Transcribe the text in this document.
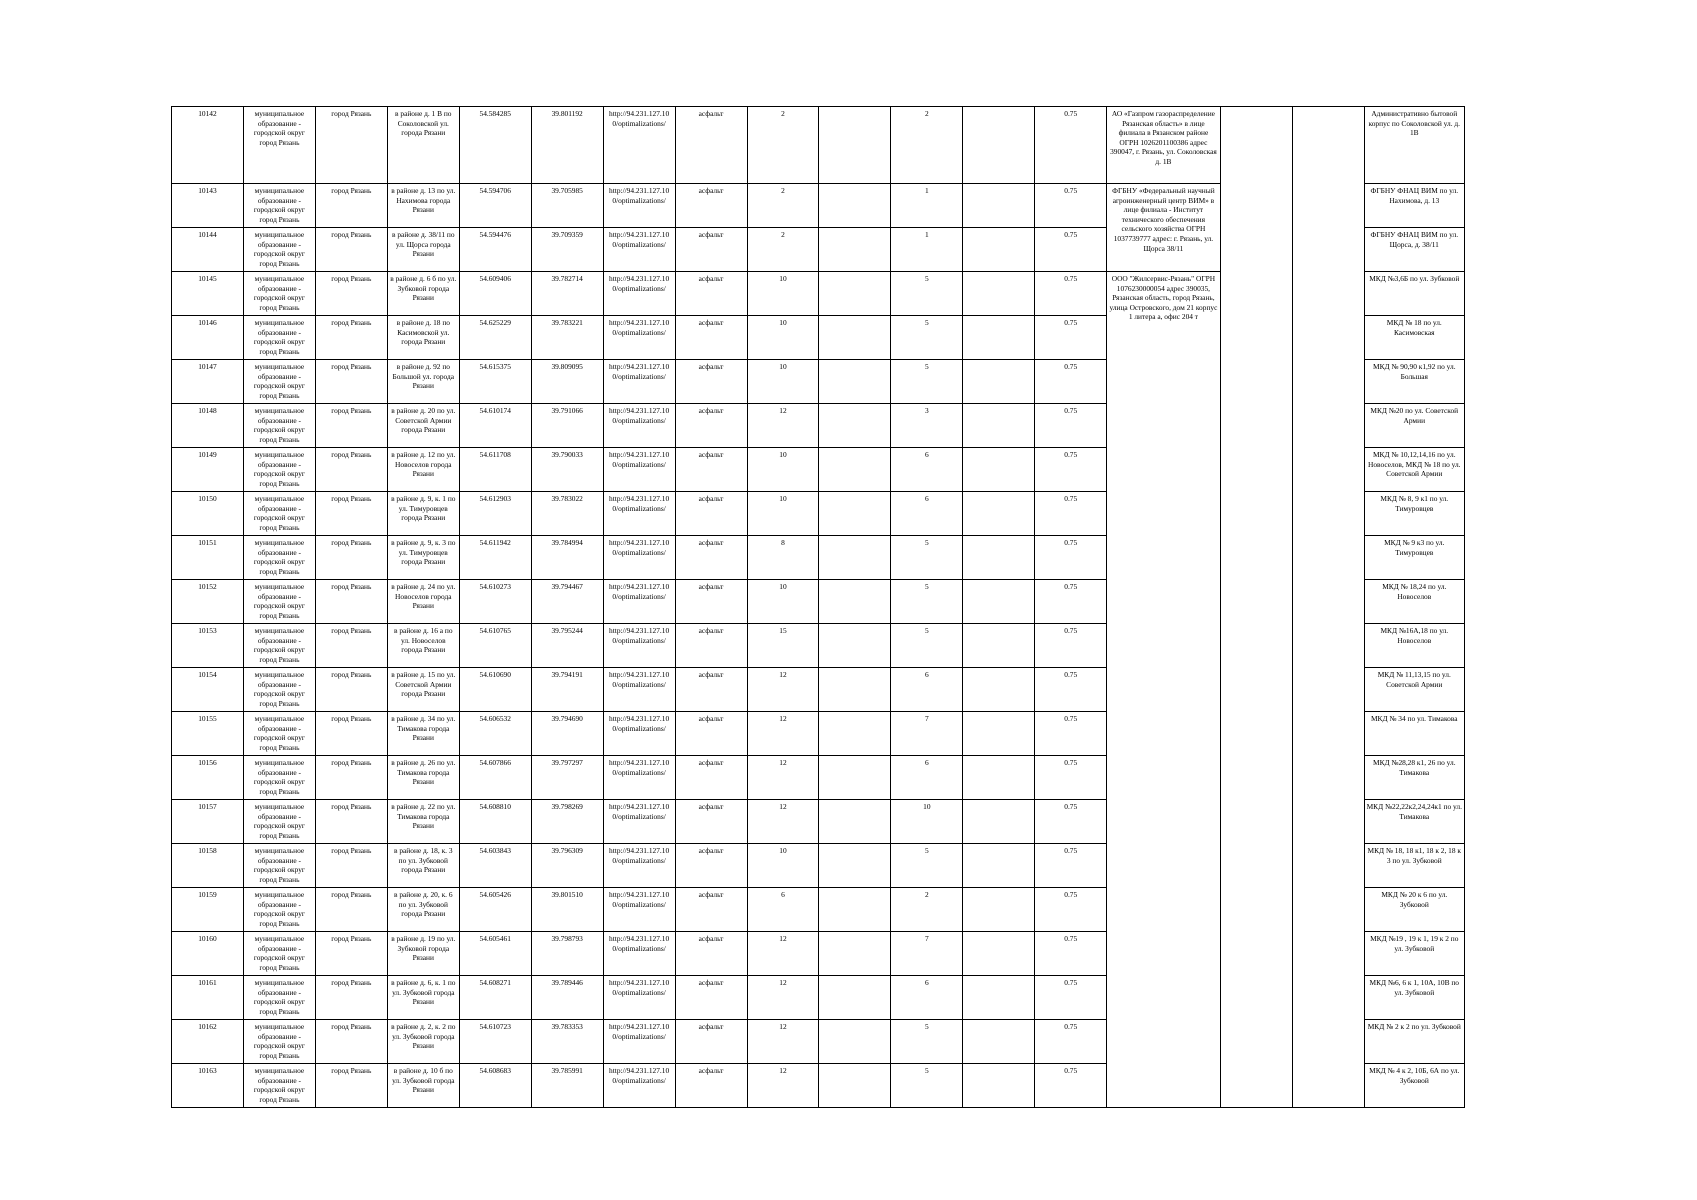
10142	муниципальное образование - городской округ город Рязань	город Рязань	в районе д. 1 В по Соколовской ул. города Рязани	54.584285	39.801192	http://94.231.127.10 0/optimalizations/	асфальт	2		2		0.75	АО «Газпром газораспределение Рязанская область» в лице филиала в Рязанском районе ОГРН 1026201100386 адрес 390047, г. Рязань, ул. Соколовская д. 1В			Административно бытовой корпус по Соколовской ул. д. 1В
10143	муниципальное образование - городской округ город Рязань	город Рязань	в районе д. 13 по ул. Нахимова города Рязани	54.594706	39.705985	http://94.231.127.10 0/optimalizations/	асфальт	2		1		0.75	ФГБНУ «Федеральный научный агроинженерный центр ВИМ» в лице филиала - Институт технического обеспечения сельского хозяйства ОГРН 1037739777 адрес: г. Рязань, ул. Щорса 38/11			ФГБНУ ФНАЦ ВИМ по ул. Нахимова, д. 13
10144	муниципальное образование - городской округ город Рязань	город Рязань	в районе д. 38/11 по ул. Щорса города Рязани	54.594476	39.709359	http://94.231.127.10 0/optimalizations/	асфальт	2		1		0.75				ФГБНУ ФНАЦ ВИМ по ул. Щорса, д. 38/11
10145	муниципальное образование - городской округ город Рязань	город Рязань	в районе д. 6 б по ул. Зубковой города Рязани	54.609406	39.782714	http://94.231.127.10 0/optimalizations/	асфальт	10		5		0.75	ООО "Жилсервис-Рязань" ОГРН 1076230000054 адрес 390035, Рязанская область, город Рязань, улица Островского, дом 21 корпус 1 литера а, офис 204 т			МКД №3,6Б по ул. Зубковой
10146	муниципальное образование - городской округ город Рязань	город Рязань	в районе д. 18 по Касимовской ул. города Рязани	54.625229	39.783221	http://94.231.127.10 0/optimalizations/	асфальт	10		5		0.75				МКД № 18 по ул. Касимовская
10147	муниципальное образование - городской округ город Рязань	город Рязань	в районе д. 92 по Большой ул. города Рязани	54.615375	39.809095	http://94.231.127.10 0/optimalizations/	асфальт	10		5		0.75				МКД № 90,90 к1,92 по ул. Большая
10148	муниципальное образование - городской округ город Рязань	город Рязань	в районе д. 20 по ул. Советской Армии города Рязани	54.610174	39.791066	http://94.231.127.10 0/optimalizations/	асфальт	12		3		0.75				МКД №20 по ул. Советской Армии
10149	муниципальное образование - городской округ город Рязань	город Рязань	в районе д. 12 по ул. Новоселов города Рязани	54.611708	39.790033	http://94.231.127.10 0/optimalizations/	асфальт	10		6		0.75				МКД № 10,12,14,16 по ул. Новоселов, МКД № 18 по ул. Советской Армии
10150	муниципальное образование - городской округ город Рязань	город Рязань	в районе д. 9, к. 1 по ул. Тимуровцев города Рязани	54.612903	39.783022	http://94.231.127.10 0/optimalizations/	асфальт	10		6		0.75				МКД № 8, 9 к1 по ул. Тимуровцев
10151	муниципальное образование - городской округ город Рязань	город Рязань	в районе д. 9, к. 3 по ул. Тимуровцев города Рязани	54.611942	39.784994	http://94.231.127.10 0/optimalizations/	асфальт	8		5		0.75				МКД № 9 к3 по ул. Тимуровцев
10152	муниципальное образование - городской округ город Рязань	город Рязань	в районе д. 24 по ул. Новоселов города Рязани	54.610273	39.794467	http://94.231.127.10 0/optimalizations/	асфальт	10		5		0.75				МКД № 18,24 по ул. Новоселов
10153	муниципальное образование - городской округ город Рязань	город Рязань	в районе д. 16 а по ул. Новоселов города Рязани	54.610765	39.795244	http://94.231.127.10 0/optimalizations/	асфальт	15		5		0.75				МКД №16А,18 по ул. Новоселов
10154	муниципальное образование - городской округ город Рязань	город Рязань	в районе д. 15 по ул. Советской Армии города Рязани	54.610690	39.794191	http://94.231.127.10 0/optimalizations/	асфальт	12		6		0.75				МКД № 11,13,15 по ул. Советской Армии
10155	муниципальное образование - городской округ город Рязань	город Рязань	в районе д. 34 по ул. Тимакова города Рязани	54.606532	39.794690	http://94.231.127.10 0/optimalizations/	асфальт	12		7		0.75				МКД № 34 по ул. Тимакова
10156	муниципальное образование - городской округ город Рязань	город Рязань	в районе д. 26 по ул. Тимакова города Рязани	54.607866	39.797297	http://94.231.127.10 0/optimalizations/	асфальт	12		6		0.75				МКД №28,28 к1, 26 по ул. Тимакова
10157	муниципальное образование - городской округ город Рязань	город Рязань	в районе д. 22 по ул. Тимакова города Рязани	54.608810	39.798269	http://94.231.127.10 0/optimalizations/	асфальт	12		10		0.75				МКД №22,22к2,24,24к1 по ул. Тимакова
10158	муниципальное образование - городской округ город Рязань	город Рязань	в районе д. 18, к. 3 по ул. Зубковой города Рязани	54.603843	39.796309	http://94.231.127.10 0/optimalizations/	асфальт	10		5		0.75				МКД № 18, 18 к1, 18 к 2, 18 к 3 по ул. Зубковой
10159	муниципальное образование - городской округ город Рязань	город Рязань	в районе д. 20, к. 6 по ул. Зубковой города Рязани	54.605426	39.801510	http://94.231.127.10 0/optimalizations/	асфальт	6		2		0.75				МКД № 20 к 6 по ул. Зубковой
10160	муниципальное образование - городской округ город Рязань	город Рязань	в районе д. 19 по ул. Зубковой города Рязани	54.605461	39.798793	http://94.231.127.10 0/optimalizations/	асфальт	12		7		0.75				МКД №19 , 19 к 1, 19 к 2 по ул. Зубковой
10161	муниципальное образование - городской округ город Рязань	город Рязань	в районе д. 6, к. 1 по ул. Зубковой города Рязани	54.608271	39.789446	http://94.231.127.10 0/optimalizations/	асфальт	12		6		0.75				МКД №6, 6 к 1, 10А, 10В по ул. Зубковой
10162	муниципальное образование - городской округ город Рязань	город Рязань	в районе д. 2, к. 2 по ул. Зубковой города Рязани	54.610723	39.783353	http://94.231.127.10 0/optimalizations/	асфальт	12		5		0.75				МКД № 2 к 2 по ул. Зубковой
10163	муниципальное образование - городской округ город Рязань	город Рязань	в районе д. 10 б по ул. Зубковой города Рязани	54.608683	39.785991	http://94.231.127.10 0/optimalizations/	асфальт	12		5		0.75				МКД № 4 к 2, 10Б, 6А по ул. Зубковой
